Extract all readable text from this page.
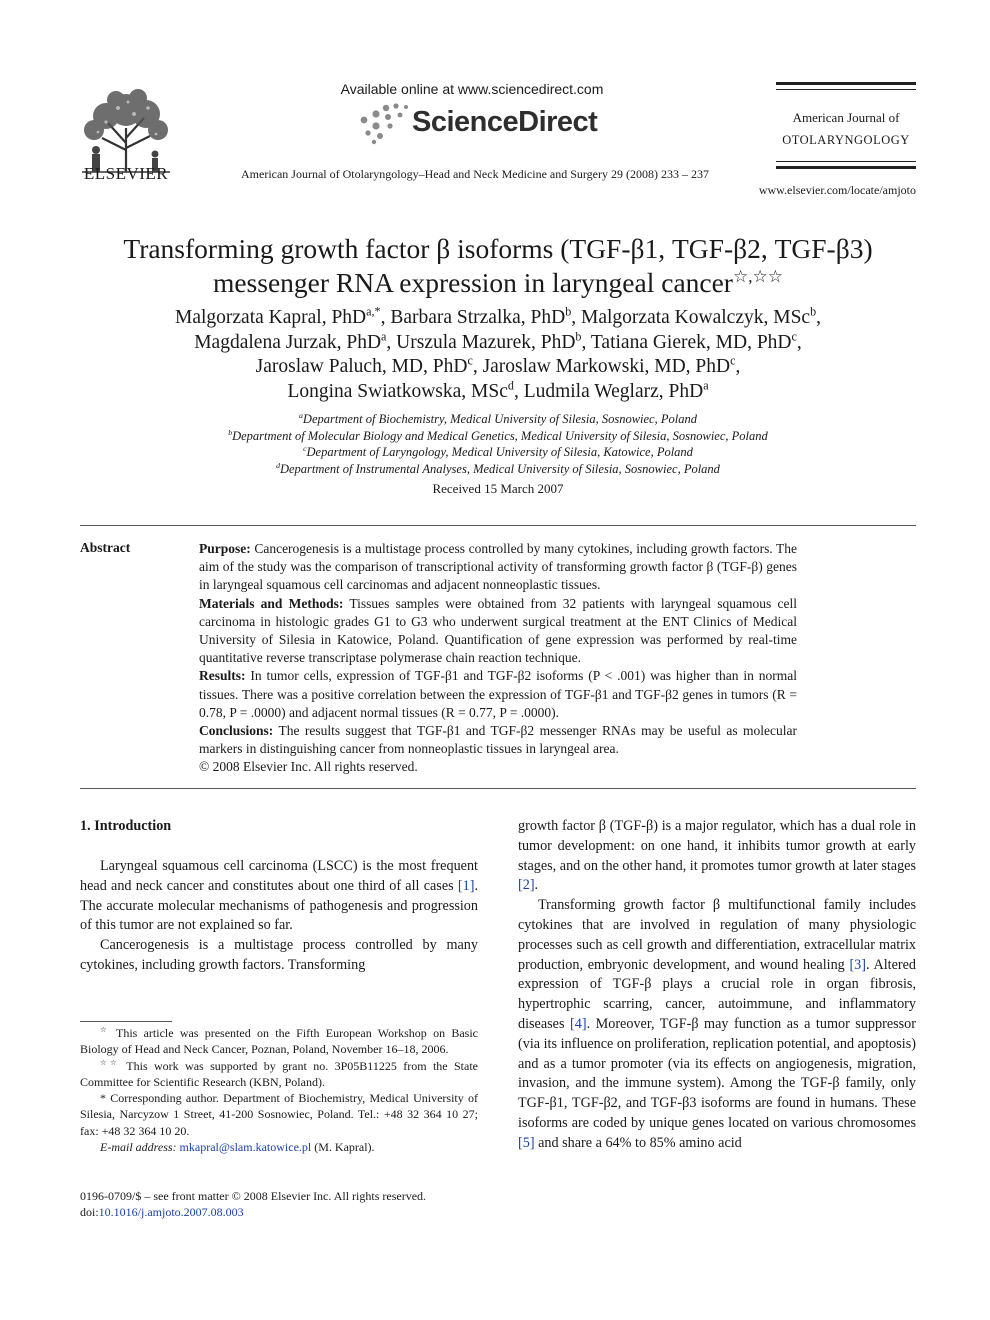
ELSEVIER
Available online at www.sciencedirect.com
ScienceDirect
American Journal of Otolaryngology–Head and Neck Medicine and Surgery 29 (2008) 233 – 237
American Journal of
OTOLARYNGOLOGY
www.elsevier.com/locate/amjoto
Transforming growth factor β isoforms (TGF-β1, TGF-β2, TGF-β3)
messenger RNA expression in laryngeal cancer☆,☆☆
Malgorzata Kapral, PhD$^{a,*}$, Barbara Strzalka, PhD$^b$, Malgorzata Kowalczyk, MSc$^b$,
Magdalena Jurzak, PhD$^a$, Urszula Mazurek, PhD$^b$, Tatiana Gierek, MD, PhD$^c$,
Jaroslaw Paluch, MD, PhD$^c$, Jaroslaw Markowski, MD, PhD$^c$,
Longina Swiatkowska, MSc$^d$, Ludmila Weglarz, PhD$^a$
$^a$Department of Biochemistry, Medical University of Silesia, Sosnowiec, Poland
$^b$Department of Molecular Biology and Medical Genetics, Medical University of Silesia, Sosnowiec, Poland
$^c$Department of Laryngology, Medical University of Silesia, Katowice, Poland
$^d$Department of Instrumental Analyses, Medical University of Silesia, Sosnowiec, Poland
Received 15 March 2007
Abstract	Purpose: Cancerogenesis is a multistage process controlled by many cytokines, including growth factors. The aim of the study was the comparison of transcriptional activity of transforming growth factor β (TGF-β) genes in laryngeal squamous cell carcinomas and adjacent nonneoplastic tissues.

Materials and Methods: Tissues samples were obtained from 32 patients with laryngeal squamous cell carcinoma in histologic grades G1 to G3 who underwent surgical treatment at the ENT Clinics of Medical University of Silesia in Katowice, Poland. Quantification of gene expression was performed by real-time quantitative reverse transcriptase polymerase chain reaction technique.

Results: In tumor cells, expression of TGF-β1 and TGF-β2 isoforms (P < .001) was higher than in normal tissues. There was a positive correlation between the expression of TGF-β1 and TGF-β2 genes in tumors (R = 0.78, P = .0000) and adjacent normal tissues (R = 0.77, P = .0000).

Conclusions: The results suggest that TGF-β1 and TGF-β2 messenger RNAs may be useful as molecular markers in distinguishing cancer from nonneoplastic tissues in laryngeal area.

© 2008 Elsevier Inc. All rights reserved.

1. Introduction

Laryngeal squamous cell carcinoma (LSCC) is the most frequent head and neck cancer and constitutes about one third of all cases [1]. The accurate molecular mechanisms of pathogenesis and progression of this tumor are not explained so far.

Cancerogenesis is a multistage process controlled by many cytokines, including growth factors. Transforming

growth factor β (TGF-β) is a major regulator, which has a dual role in tumor development: on one hand, it inhibits tumor growth at early stages, and on the other hand, it promotes tumor growth at later stages [2].

Transforming growth factor β multifunctional family includes cytokines that are involved in regulation of many physiologic processes such as cell growth and differentiation, extracellular matrix production, embryonic development, and wound healing [3]. Altered expression of TGF-β plays a crucial role in organ fibrosis, hypertrophic scarring, cancer, autoimmune, and inflammatory diseases [4]. Moreover, TGF-β may function as a tumor suppressor (via its influence on proliferation, replication potential, and apoptosis) and as a tumor promoter (via its effects on angiogenesis, migration, invasion, and the immune system). Among the TGF-β family, only TGF-β1, TGF-β2, and TGF-β3 isoforms are found in humans. These isoforms are coded by unique genes located on various chromosomes [5] and share a 64% to 85% amino acid

☆ This article was presented on the Fifth European Workshop on Basic Biology of Head and Neck Cancer, Poznan, Poland, November 16–18, 2006.

☆☆ This work was supported by grant no. 3P05B11225 from the State Committee for Scientific Research (KBN, Poland).

* Corresponding author. Department of Biochemistry, Medical University of Silesia, Narcyzow 1 Street, 41-200 Sosnowiec, Poland. Tel.: +48 32 364 10 27; fax: +48 32 364 10 20.

E-mail address: mkapral@slam.katowice.pl (M. Kapral).

0196-0709/$ – see front matter © 2008 Elsevier Inc. All rights reserved.
doi:10.1016/j.amjoto.2007.08.003
